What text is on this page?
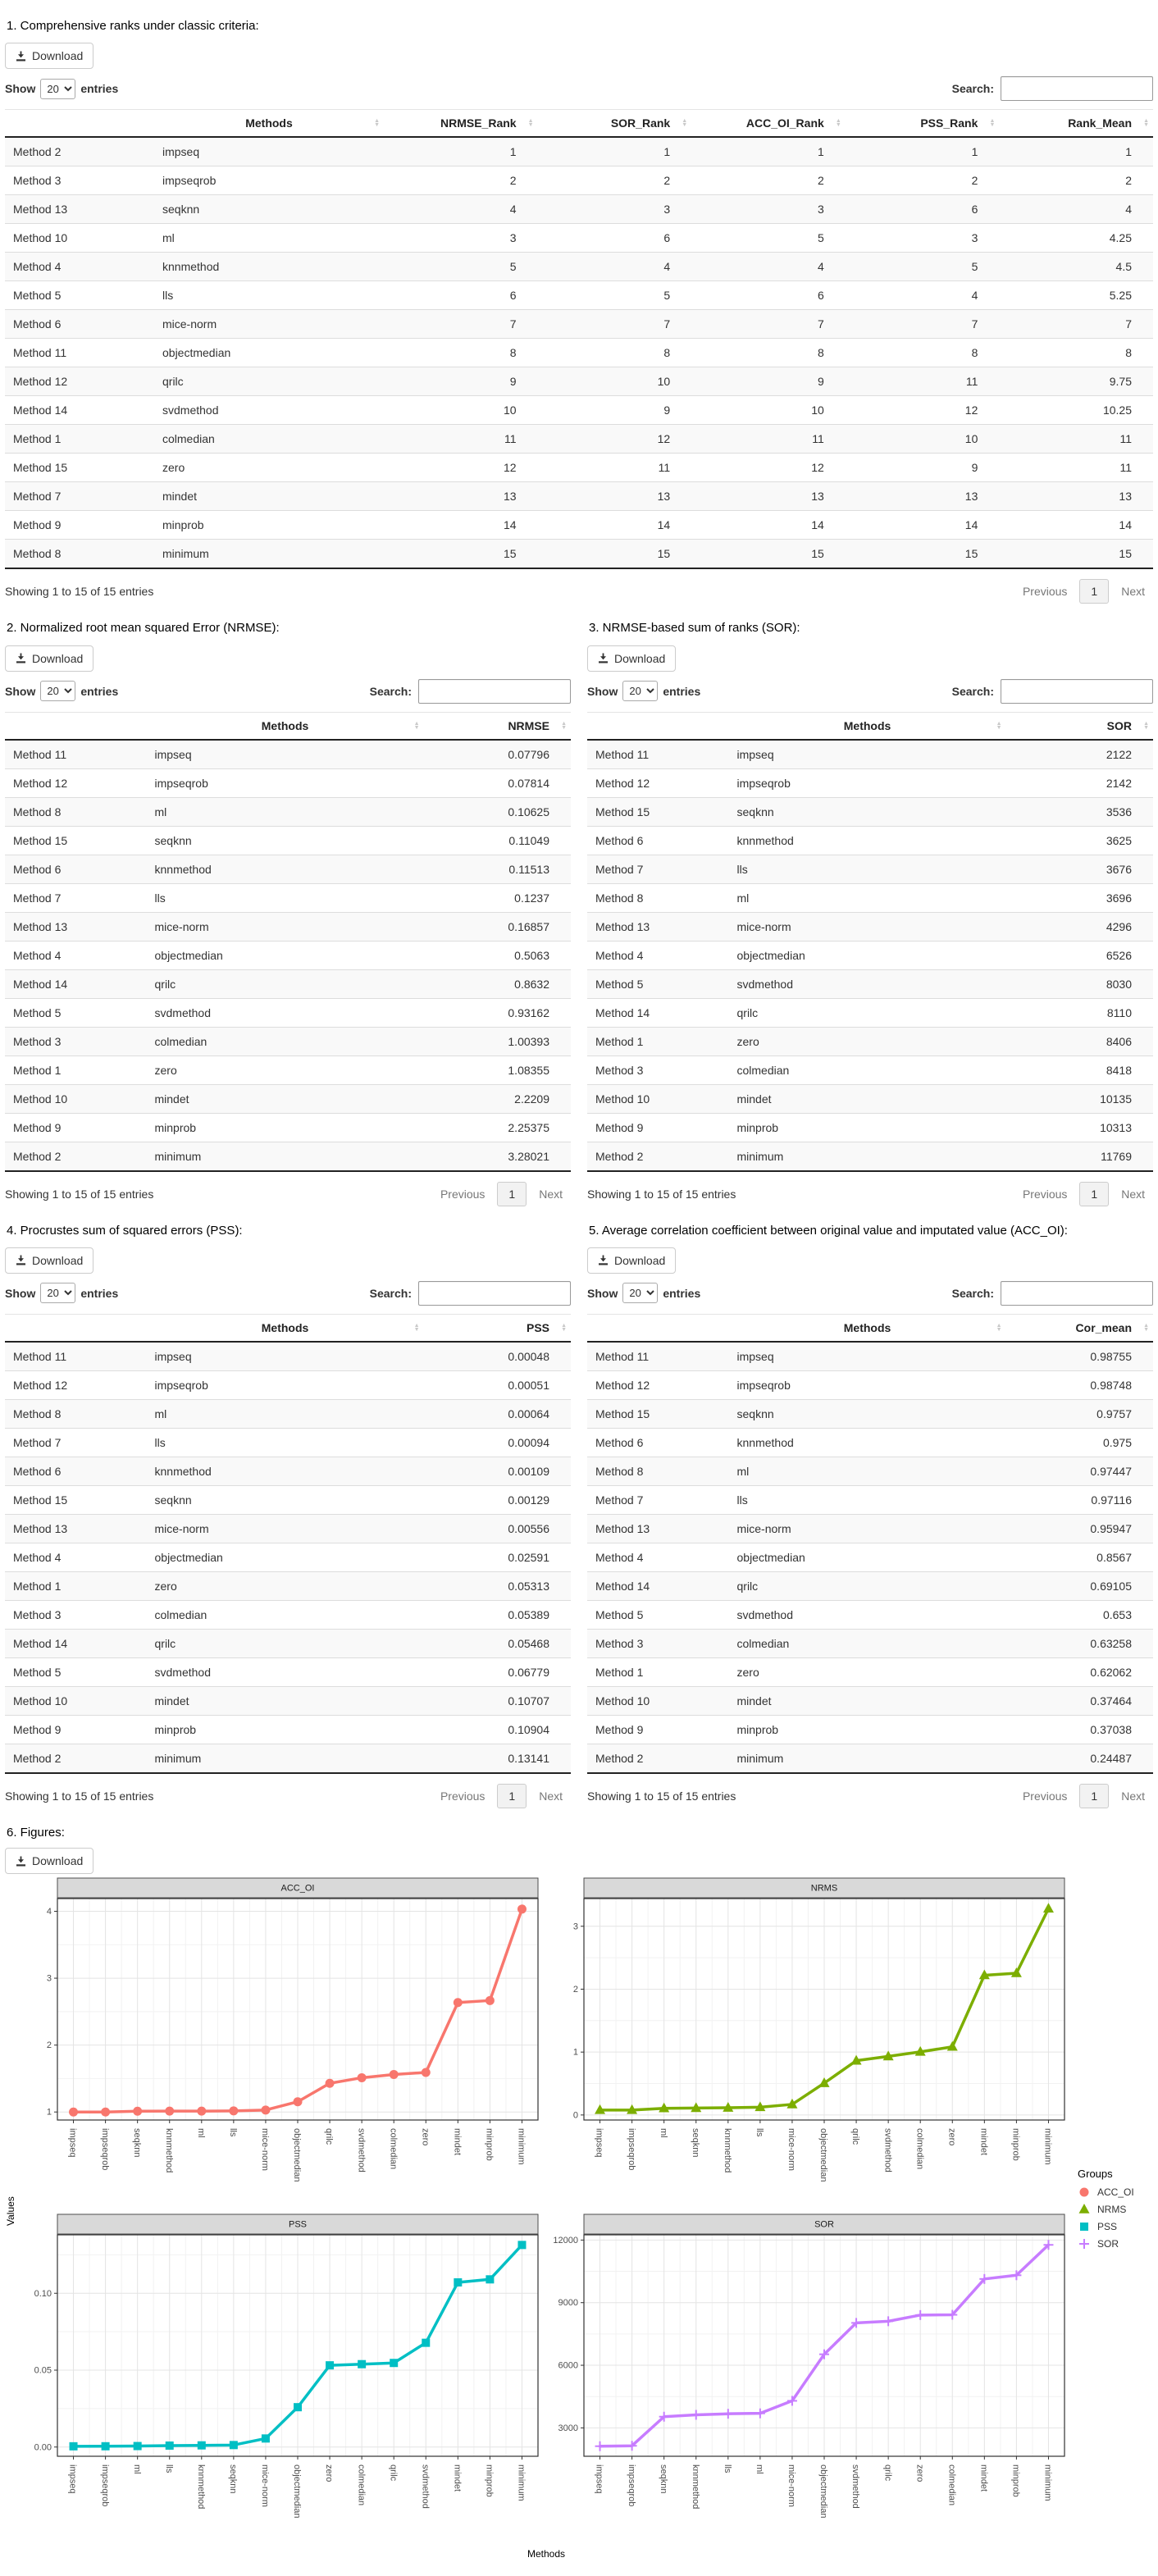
1. Comprehensive ranks under classic criteria:
Download
Show
20	entries	Search:
	Methods ▲
▼	NRMSE_Rank ▲
▼	SOR_Rank ▲
▼	ACC_OI_Rank ▲
▼	PSS_Rank ▲
▼	Rank_Mean ▲
▼

Method 2	impseq	1	1	1	1	1
Method 3	impseqrob	2	2	2	2	2
Method 13	seqknn	4	3	3	6	4
Method 10	ml	3	6	5	3	4.25
Method 4	knnmethod	5	4	4	5	4.5
Method 5	lls	6	5	6	4	5.25
Method 6	mice-norm	7	7	7	7	7
Method 11	objectmedian	8	8	8	8	8
Method 12	qrilc	9	10	9	11	9.75
Method 14	svdmethod	10	9	10	12	10.25
Method 1	colmedian	11	12	11	10	11
Method 15	zero	12	11	12	9	11
Method 7	mindet	13	13	13	13	13
Method 9	minprob	14	14	14	14	14
Method 8	minimum	15	15	15	15	15
Showing 1 to 15 of 15 entries	Previous	1	Next
2. Normalized root mean squared Error (NRMSE):
Download
Show
20	entries	Search:
	Methods ▲
▼	NRMSE ▲
▼

Method 11	impseq	0.07796
Method 12	impseqrob	0.07814
Method 8	ml	0.10625
Method 15	seqknn	0.11049
Method 6	knnmethod	0.11513
Method 7	lls	0.1237
Method 13	mice-norm	0.16857
Method 4	objectmedian	0.5063
Method 14	qrilc	0.8632
Method 5	svdmethod	0.93162
Method 3	colmedian	1.00393
Method 1	zero	1.08355
Method 10	mindet	2.2209
Method 9	minprob	2.25375
Method 2	minimum	3.28021
Showing 1 to 15 of 15 entries	Previous	1	Next
3. NRMSE-based sum of ranks (SOR):
Download
Show
20	entries	Search:
	Methods ▲
▼	SOR ▲
▼

Method 11	impseq	2122
Method 12	impseqrob	2142
Method 15	seqknn	3536
Method 6	knnmethod	3625
Method 7	lls	3676
Method 8	ml	3696
Method 13	mice-norm	4296
Method 4	objectmedian	6526
Method 5	svdmethod	8030
Method 14	qrilc	8110
Method 1	zero	8406
Method 3	colmedian	8418
Method 10	mindet	10135
Method 9	minprob	10313
Method 2	minimum	11769
Showing 1 to 15 of 15 entries	Previous	1	Next
4. Procrustes sum of squared errors (PSS):
Download
Show
20	entries	Search:
	Methods ▲
▼	PSS ▲
▼

Method 11	impseq	0.00048
Method 12	impseqrob	0.00051
Method 8	ml	0.00064
Method 7	lls	0.00094
Method 6	knnmethod	0.00109
Method 15	seqknn	0.00129
Method 13	mice-norm	0.00556
Method 4	objectmedian	0.02591
Method 1	zero	0.05313
Method 3	colmedian	0.05389
Method 14	qrilc	0.05468
Method 5	svdmethod	0.06779
Method 10	mindet	0.10707
Method 9	minprob	0.10904
Method 2	minimum	0.13141
Showing 1 to 15 of 15 entries	Previous	1	Next
5. Average correlation coefficient between original value and imputated value (ACC_OI):
Download
Show
20	entries	Search:
	Methods ▲
▼	Cor_mean ▲
▼

Method 11	impseq	0.98755
Method 12	impseqrob	0.98748
Method 15	seqknn	0.9757
Method 6	knnmethod	0.975
Method 8	ml	0.97447
Method 7	lls	0.97116
Method 13	mice-norm	0.95947
Method 4	objectmedian	0.8567
Method 14	qrilc	0.69105
Method 5	svdmethod	0.653
Method 3	colmedian	0.63258
Method 1	zero	0.62062
Method 10	mindet	0.37464
Method 9	minprob	0.37038
Method 2	minimum	0.24487
Showing 1 to 15 of 15 entries	Previous	1	Next
6. Figures:
Download
Values
ACC_OI
1
2
3
4
impseq impseqrob seqknn knnmethod ml lls mice-norm objectmedian qrilc svdmethod colmedian zero mindet minprob minimum
NRMS
0
1
2
3
impseq impseqrob ml seqknn knnmethod lls mice-norm objectmedian qrilc svdmethod colmedian zero mindet minprob minimum
PSS
0.00
0.05
0.10
impseq impseqrob ml lls knnmethod seqknn mice-norm objectmedian zero colmedian qrilc svdmethod mindet minprob minimum
SOR
3000
6000
9000
12000
impseq impseqrob seqknn knnmethod lls ml mice-norm objectmedian svdmethod qrilc zero colmedian mindet minprob minimum
Groups
ACC_OI
NRMS
PSS
SOR
Methods
